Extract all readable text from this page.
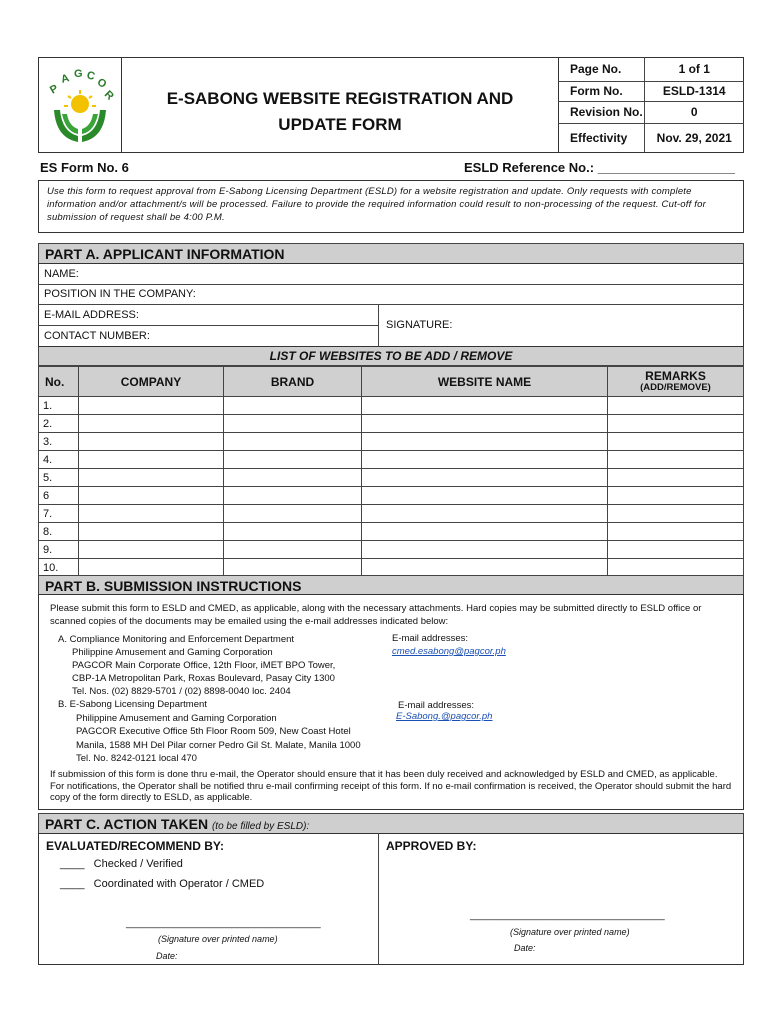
P
A G C
O
R	E-SABONG WEBSITE REGISTRATION AND
UPDATE FORM
Page No.	1 of 1
Form No.	ESLD-1314
Revision No.	0
Effectivity	Nov. 29, 2021
ES Form No. 6	ESLD Reference No.: ___________________
Use this form to request approval from E-Sabong Licensing Department (ESLD) for a website registration and update. Only requests with complete information and/or attachment/s will be processed. Failure to provide the required information could result to non-processing of the request. Cut-off for submission of request shall be 4:00 P.M.
PART A. APPLICANT INFORMATION
NAME:
POSITION IN THE COMPANY:
E-MAIL ADDRESS:
CONTACT NUMBER:
SIGNATURE:
LIST OF WEBSITES TO BE ADD / REMOVE
No.	COMPANY	BRAND	WEBSITE NAME	REMARKS
(ADD/REMOVE)

1.				
2.				
3.				
4.				
5.				
6				
7.				
8.				
9.				
10.				
PART B. SUBMISSION INSTRUCTIONS
Please submit this form to ESLD and CMED, as applicable, along with the necessary attachments. Hard copies may be submitted directly to ESLD office or scanned copies of the documents may be emailed using the e-mail addresses indicated below:
A. Compliance Monitoring and Enforcement Department
Philippine Amusement and Gaming Corporation
PAGCOR Main Corporate Office, 12th Floor, iMET BPO Tower,
CBP-1A Metropolitan Park, Roxas Boulevard, Pasay City 1300
Tel. Nos. (02) 8829-5701 / (02) 8898-0040 loc. 2404
E-mail addresses:
cmed.esabong@pagcor.ph
B. E-Sabong Licensing Department
Philippine Amusement and Gaming Corporation
PAGCOR Executive Office 5th Floor Room 509, New Coast Hotel
Manila, 1588 MH Del Pilar corner Pedro Gil St. Malate, Manila 1000
Tel. No. 8242-0121 local 470
E-mail addresses:
E-Sabong.@pagcor.ph
If submission of this form is done thru e-mail, the Operator should ensure that it has been duly received and acknowledged by ESLD and CMED, as applicable. For notifications, the Operator shall be notified thru e-mail confirming receipt of this form. If no e-mail confirmation is received, the Operator should submit the hard copy of the form directly to ESLD, as applicable.
PART C. ACTION TAKEN (to be filled by ESLD):
EVALUATED/RECOMMEND BY:	APPROVED BY:
____ Checked / Verified
____ Coordinated with Operator / CMED
___________________________________
(Signature over printed name)
Date:
___________________________________
(Signature over printed name)
Date:
